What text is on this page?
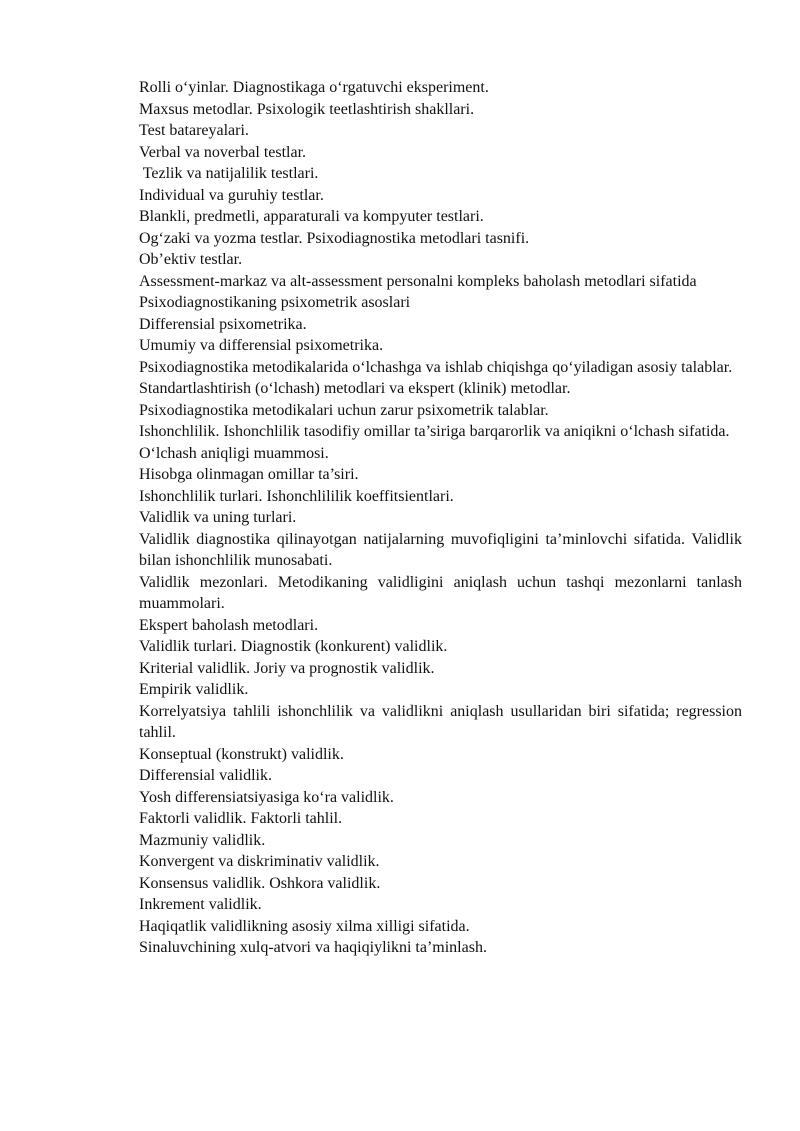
Rolli o‘yinlar. Diagnostikaga o‘rgatuvchi eksperiment.

Maxsus metodlar. Psixologik teetlashtirish shakllari.

Test batareyalari.

Verbal va noverbal testlar.

Tezlik va natijalilik testlari.

Individual va guruhiy testlar.

Blankli, predmetli, apparaturali va kompyuter testlari.

Og‘zaki va yozma testlar. Psixodiagnostika metodlari tasnifi.

Ob’ektiv testlar.

Assessment-markaz va alt-assessment personalni kompleks baholash metodlari sifatida

Psixodiagnostikaning psixometrik asoslari

Differensial psixometrika.

Umumiy va differensial psixometrika.

Psixodiagnostika metodikalarida o‘lchashga va ishlab chiqishga qo‘yiladigan asosiy talablar.

Standartlashtirish (o‘lchash) metodlari va ekspert (klinik) metodlar.

Psixodiagnostika metodikalari uchun zarur psixometrik talablar.

Ishonchlilik. Ishonchlilik tasodifiy omillar ta’siriga barqarorlik va aniqikni o‘lchash sifatida.

O‘lchash aniqligi muammosi.

Hisobga olinmagan omillar ta’siri.

Ishonchlilik turlari. Ishonchlililik koeffitsientlari.

Validlik va uning turlari.

Validlik diagnostika qilinayotgan natijalarning muvofiqligini ta’minlovchi sifatida. Validlik bilan ishonchlilik munosabati.

Validlik mezonlari. Metodikaning validligini aniqlash uchun tashqi mezonlarni tanlash muammolari.

Ekspert baholash metodlari.

Validlik turlari. Diagnostik (konkurent) validlik.

Kriterial validlik. Joriy va prognostik validlik.

Empirik validlik.

Korrelyatsiya tahlili ishonchlilik va validlikni aniqlash usullaridan biri sifatida; regression tahlil.

Konseptual (konstrukt) validlik.

Differensial validlik.

Yosh differensiatsiyasiga ko‘ra validlik.

Faktorli validlik. Faktorli tahlil.

Mazmuniy validlik.

Konvergent va diskriminativ validlik.

Konsensus validlik. Oshkora validlik.

Inkrement validlik.

Haqiqatlik validlikning asosiy xilma xilligi sifatida.

Sinaluvchining xulq-atvori va haqiqiylikni ta’minlash.
